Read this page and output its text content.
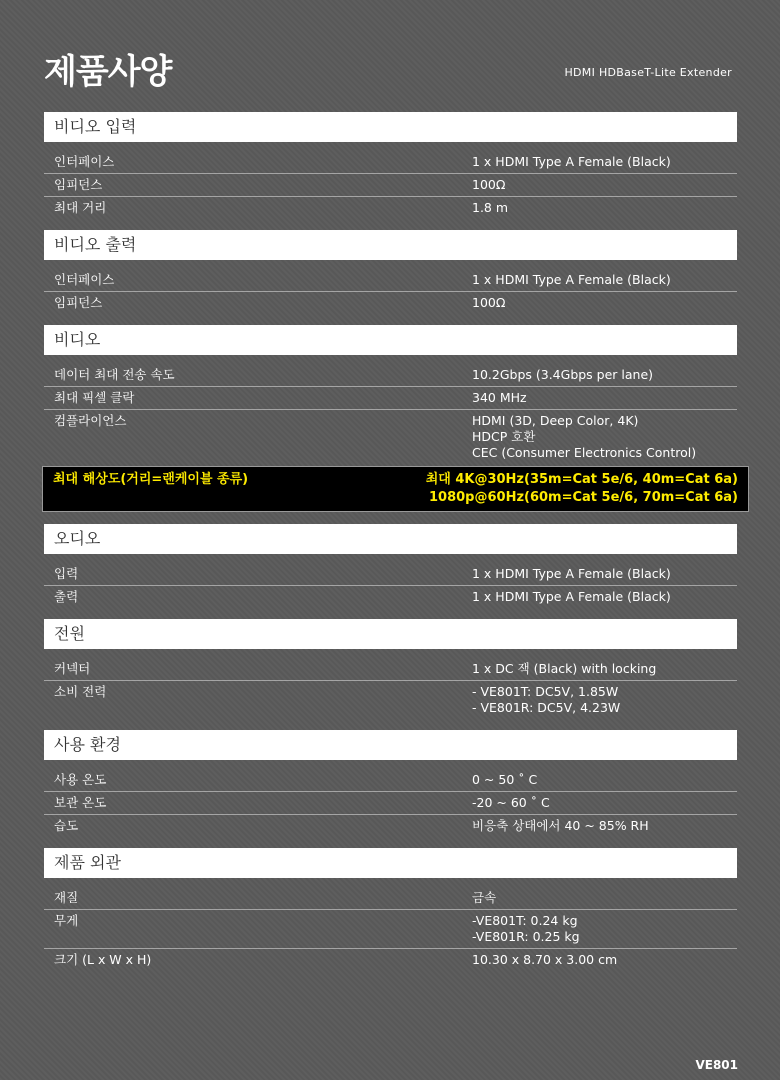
제품사양	HDMI HDBaseT-Lite Extender
비디오 입력
인터페이스	1 x HDMI Type A Female (Black)
임피던스	100Ω
최대 거리	1.8 m
비디오 출력
인터페이스	1 x HDMI Type A Female (Black)
임피던스	100Ω
비디오
데이터 최대 전송 속도	10.2Gbps (3.4Gbps per lane)
최대 픽셀 클락	340 MHz
컴플라이언스	HDMI (3D, Deep Color, 4K)
HDCP 호환
CEC (Consumer Electronics Control)
최대 해상도(거리=랜케이블 종류)	최대 4K@30Hz(35m=Cat 5e/6, 40m=Cat 6a)
1080p@60Hz(60m=Cat 5e/6, 70m=Cat 6a)
오디오
입력	1 x HDMI Type A Female (Black)
출력	1 x HDMI Type A Female (Black)
전원
커넥터	1 x DC 잭 (Black) with locking
소비 전력	- VE801T: DC5V, 1.85W
- VE801R: DC5V, 4.23W
사용 환경
사용 온도	0 ~ 50 ˚ C
보관 온도	-20 ~ 60 ˚ C
습도	비응축 상태에서 40 ~ 85% RH
제품 외관
재질	금속
무게	-VE801T: 0.24 kg
-VE801R: 0.25 kg
크기 (L x W x H)	10.30 x 8.70 x 3.00 cm
VE801
